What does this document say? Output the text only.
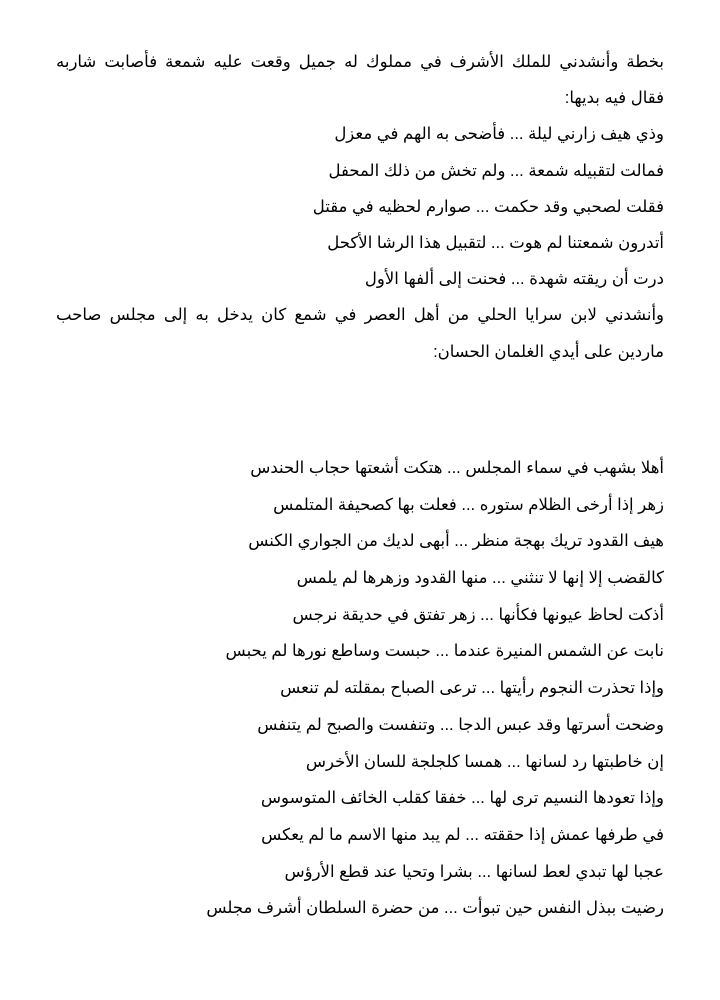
بخطة وأنشدني للملك الأشرف في مملوك له جميل وقعت عليه شمعة فأصابت شاربه
فقال فيه بديها:
وذي هيف زارني ليلة ... فأضحى به الهم في معزل
فمالت لتقبيله شمعة ... ولم تخش من ذلك المحفل
فقلت لصحبي وقد حكمت ... صوارم لحظيه في مقتل
أتدرون شمعتنا لم هوت ... لتقبيل هذا الرشا الأكحل
درت أن ريقته شهدة ... فحنت إلى ألفها الأول
وأنشدني لابن سرايا الحلي من أهل العصر في شمع كان يدخل به إلى مجلس صاحب
ماردين على أيدي الغلمان الحسان:
أهلا بشهب في سماء المجلس ... هتكت أشعتها حجاب الحندس
زهر إذا أرخى الظلام ستوره ... فعلت بها كصحيفة المتلمس
هيف القدود تريك بهجة منظر ... أبهى لديك من الجواري الكنس
كالقضب إلا إنها لا تنثني ... منها القدود وزهرها لم يلمس
أذكت لحاظ عيونها فكأنها ... زهر تفتق في حديقة نرجس
نابت عن الشمس المنيرة عندما ... حبست وساطع نورها لم يحبس
وإذا تحذرت النجوم رأيتها ... ترعى الصباح بمقلته لم تنعس
وضحت أسرتها وقد عبس الدجا ... وتنفست والصبح لم يتنفس
إن خاطبتها رد لسانها ... همسا كلجلجة للسان الأخرس
وإذا تعودها النسيم ترى لها ... خفقا كقلب الخائف المتوسوس
في طرفها عمش إذا حققته ... لم يبد منها الاسم ما لم يعكس
عجبا لها تبدي لعط لسانها ... بشرا وتحيا عند قطع الأرؤس
رضيت ببذل النفس حين تبوأت ... من حضرة السلطان أشرف مجلس
